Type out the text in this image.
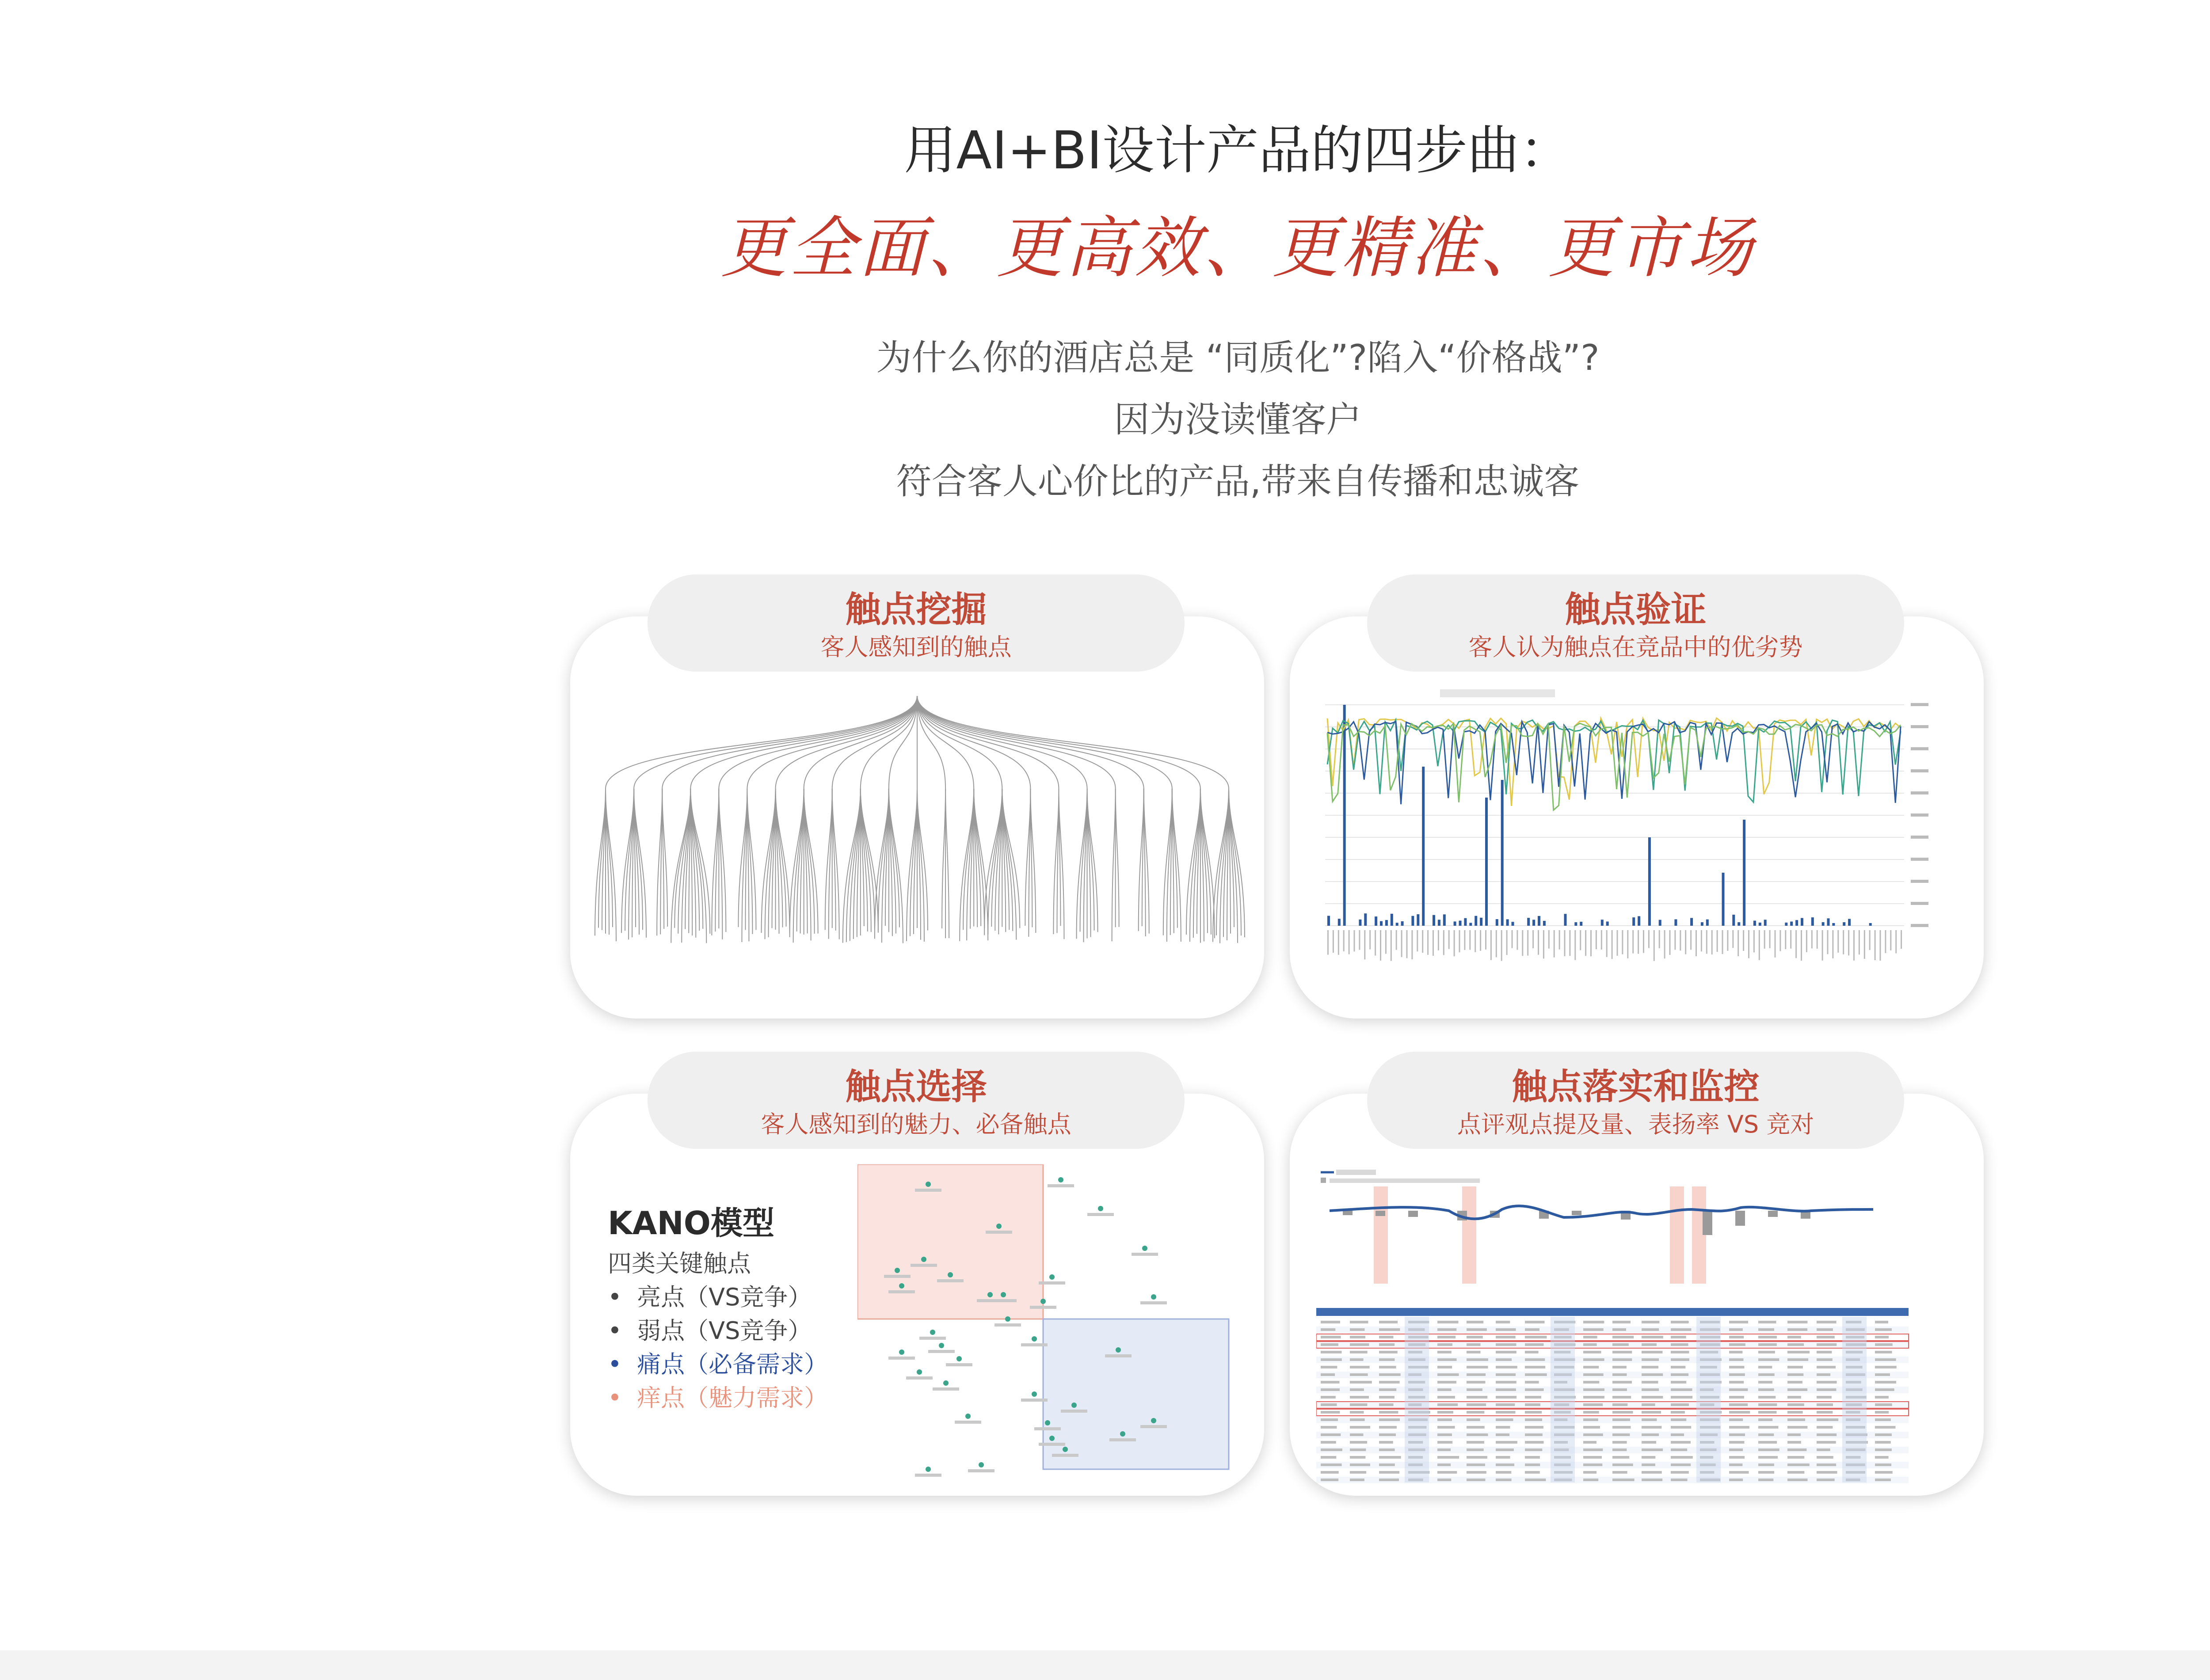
用AI+BI设计产品的四步曲：
更全面、更高效、更精准、更市场
为什么你的酒店总是 “同质化”?陷入“价格战”?
因为没读懂客户
符合客人心价比的产品,带来自传播和忠诚客
触点挖掘
客人感知到的触点
触点验证
客人认为触点在竞品中的优劣势
KANO模型
四类关键触点
•  亮点（VS竞争）
•  弱点（VS竞争）
•  痛点（必备需求）
•  痒点（魅力需求）
触点选择
客人感知到的魅力、必备触点
触点落实和监控
点评观点提及量、表扬率 VS 竞对
